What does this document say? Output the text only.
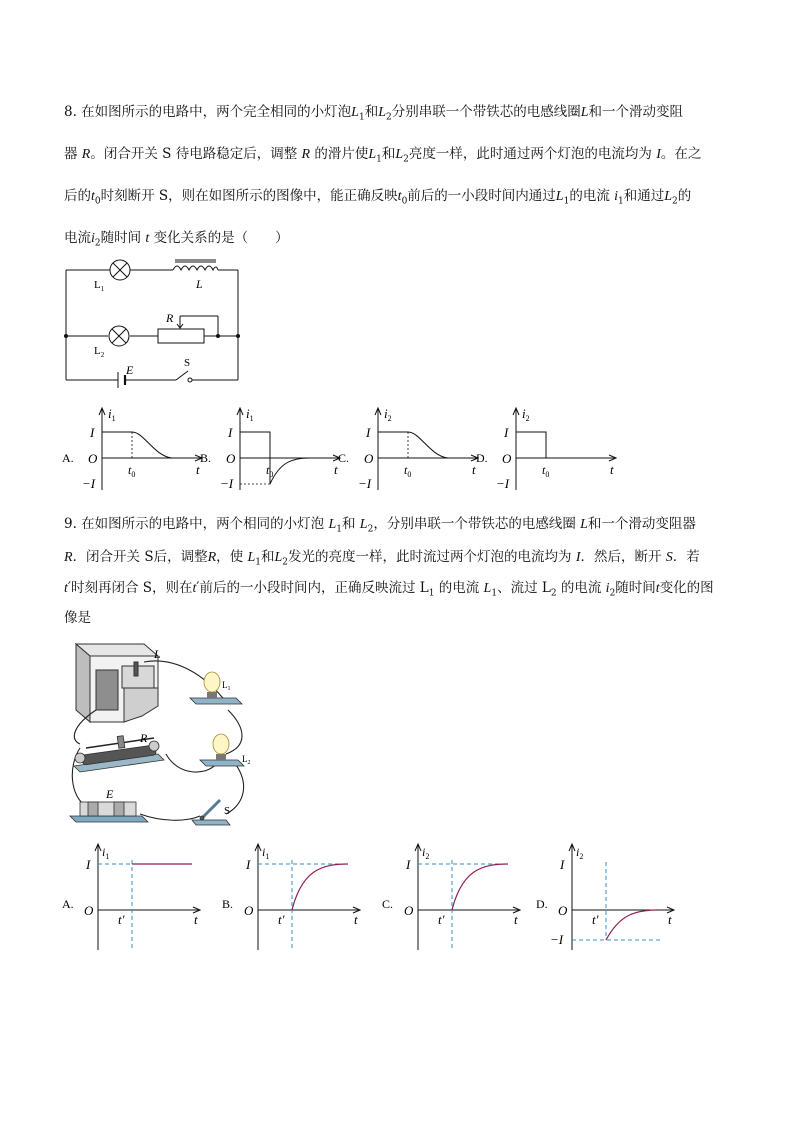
8. 在如图所示的电路中，两个完全相同的小灯泡$L_1$和$L_2$分别串联一个带铁芯的电感线圈L和一个滑动变阻
器 R。闭合开关 S 待电路稳定后，调整 R 的滑片使$L_1$和$L_2$亮度一样，此时通过两个灯泡的电流均为 I。在之
后的$t_0$时刻断开 S，则在如图所示的图像中，能正确反映$t_0$前后的一小段时间内通过$L_1$的电流 $i_1$和通过$L_2$的
电流$i_2$随时间 t 变化关系的是（　　）
$L_1$	L
R
$L_2$
S
E
A.
$i_1$
I
O
−I
t
$t_0$
B.
$i_1$
I
O
−I
t
$t_0$
C.
$i_2$
I
O
−I
t
$t_0$
D.
$i_2$
I
O
−I
t
$t_0$
9. 在如图所示的电路中，两个相同的小灯泡 $L_1$和 $L_2$，分别串联一个带铁芯的电感线圈 L和一个滑动变阻器
R．闭合开关 S后，调整R，使 $L_1$和$L_2$发光的亮度一样，此时流过两个灯泡的电流均为 I．然后，断开 S．若
t′时刻再闭合 S，则在t′前后的一小段时间内，正确反映流过 $L_1$ 的电流 $L_1$、流过 $L_2$ 的电流 $i_2$随时间t变化的图
像是
L
$L_1$
R
$L_2$
E
S
A.
$i_1$
I
O
t
t′
B.
$i_1$
I
O
t
t′
C.
$i_2$
I
O
t
t′
D.
$i_2$
I
O
t
t′
−I
